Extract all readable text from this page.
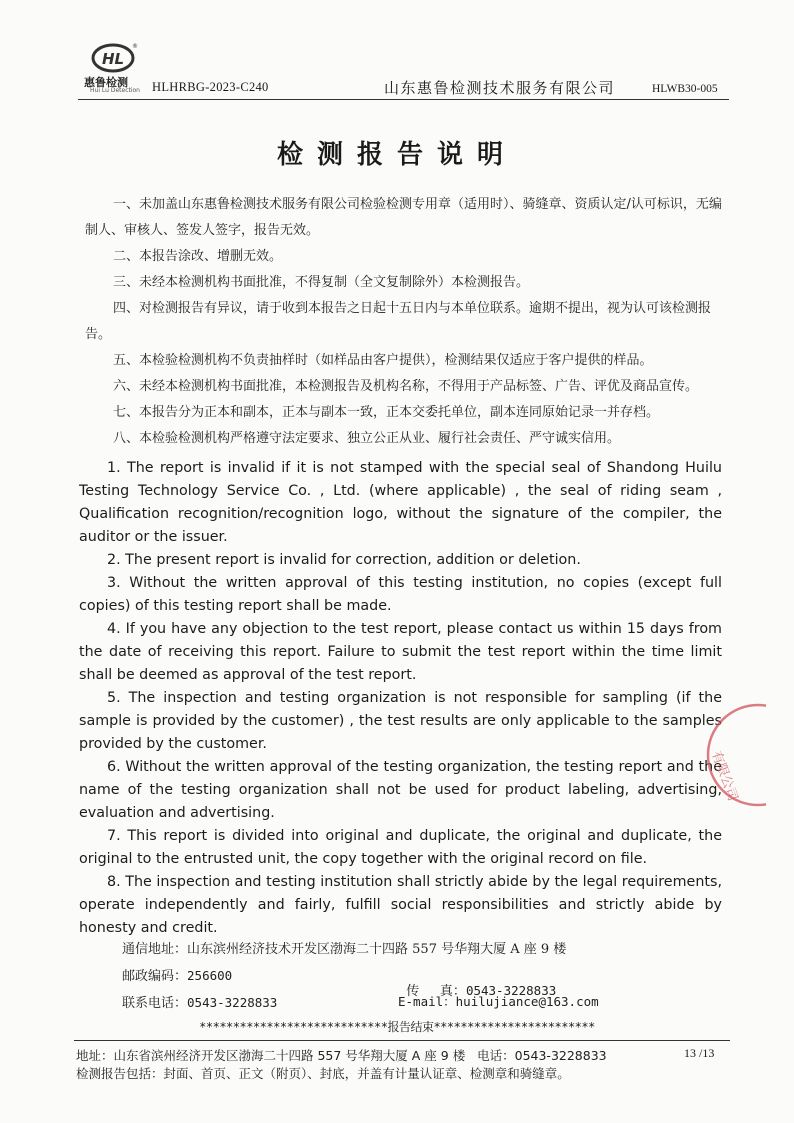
HL
®
惠鲁检测
Hui Lu Detection HLHRBG-2023-C240	山东惠鲁检测技术服务有限公司	HLWB30-005
检测报告说明

一、未加盖山东惠鲁检测技术服务有限公司检验检测专用章（适用时）、骑缝章、资质认定/认可标识，无编制人、审核人、签发人签字，报告无效。

二、本报告涂改、增删无效。

三、未经本检测机构书面批准，不得复制（全文复制除外）本检测报告。

四、对检测报告有异议，请于收到本报告之日起十五日内与本单位联系。逾期不提出，视为认可该检测报告。

五、本检验检测机构不负责抽样时（如样品由客户提供），检测结果仅适应于客户提供的样品。

六、未经本检测机构书面批准，本检测报告及机构名称，不得用于产品标签、广告、评优及商品宣传。

七、本报告分为正本和副本，正本与副本一致，正本交委托单位，副本连同原始记录一并存档。

八、本检验检测机构严格遵守法定要求、独立公正从业、履行社会责任、严守诚实信用。

1. The report is invalid if it is not stamped with the special seal of Shandong Huilu Testing Technology Service Co. , Ltd. (where applicable) , the seal of riding seam , Qualification recognition/recognition logo, without the signature of the compiler, the auditor or the issuer.

2. The present report is invalid for correction, addition or deletion.

3. Without the written approval of this testing institution, no copies (except full copies) of this testing report shall be made.

4. If you have any objection to the test report, please contact us within 15 days from the date of receiving this report. Failure to submit the test report within the time limit shall be deemed as approval of the test report.

5. The inspection and testing organization is not responsible for sampling (if the sample is provided by the customer) , the test results are only applicable to the samples provided by the customer.

6. Without the written approval of the testing organization, the testing report and the name of the testing organization shall not be used for product labeling, advertising, evaluation and advertising.

7. This report is divided into original and duplicate, the original and duplicate, the original to the entrusted unit, the copy together with the original record on file.

8. The inspection and testing institution shall strictly abide by the legal requirements, operate independently and fairly, fulfill social responsibilities and strictly abide by honesty and credit.

有限公司
通信地址：山东滨州经济技术开发区渤海二十四路 557 号华翔大厦 A 座 9 楼
邮政编码：256600

传     真：0543-3228833

联系电话：0543-3228833	E-mail：huilujiance@163.com
****************************报告结束************************
地址：山东省滨州经济开发区渤海二十四路 557 号华翔大厦 A 座 9 楼   电话：0543-3228833	13 /13
检测报告包括：封面、首页、正文（附页）、封底，并盖有计量认证章、检测章和骑缝章。
